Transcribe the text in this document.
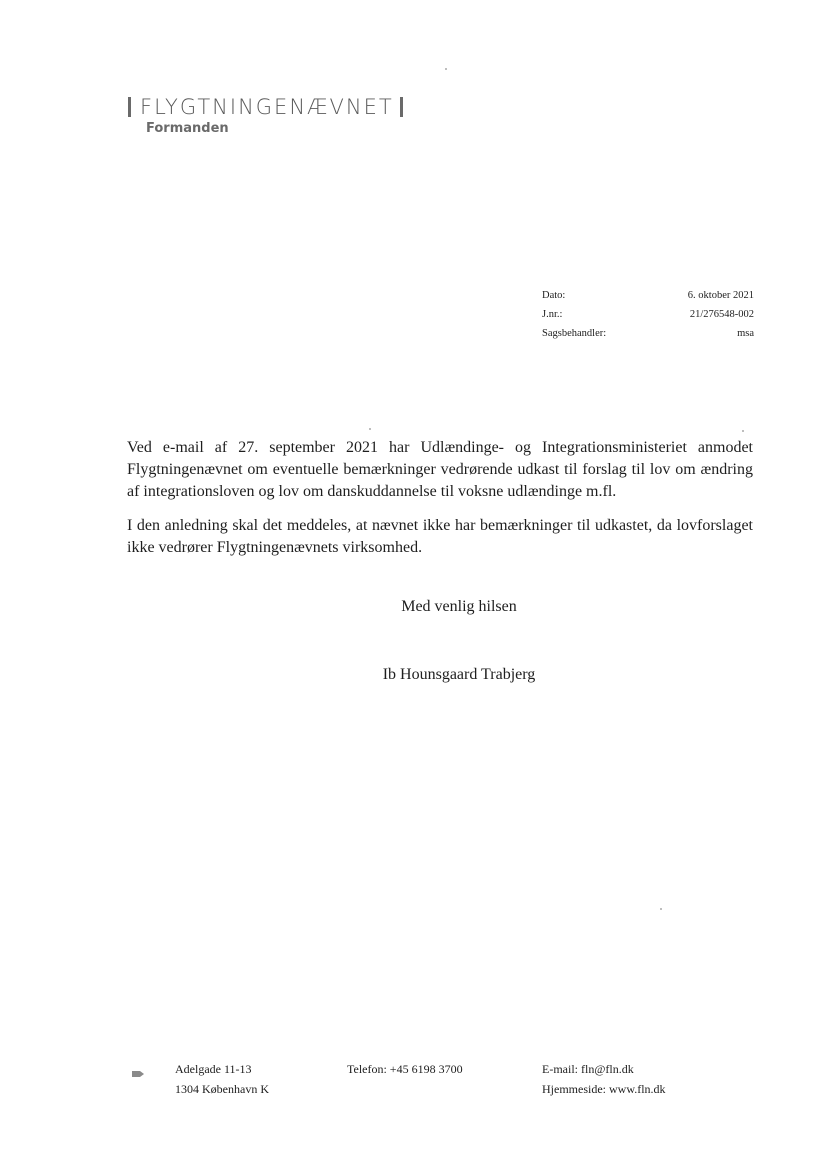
FLYGTNINGENÆVNET
Formanden
Dato:	6. oktober 2021
J.nr.:	21/276548-002
Sagsbehandler:	msa

Ved e-mail af 27. september 2021 har Udlændinge- og Integrationsministeriet anmodet Flygtningenævnet om eventuelle bemærkninger vedrørende udkast til forslag til lov om ændring af integrationsloven og lov om danskuddannelse til voksne udlændinge m.fl.

I den anledning skal det meddeles, at nævnet ikke har bemærkninger til udkastet, da lovforslaget ikke vedrører Flygtningenævnets virksomhed.

Med venlig hilsen
Ib Hounsgaard Trabjerg
Adelgade 11-13
1304 København K
Telefon: +45 6198 3700	E-mail: fln@fln.dk
Hjemmeside: www.fln.dk
